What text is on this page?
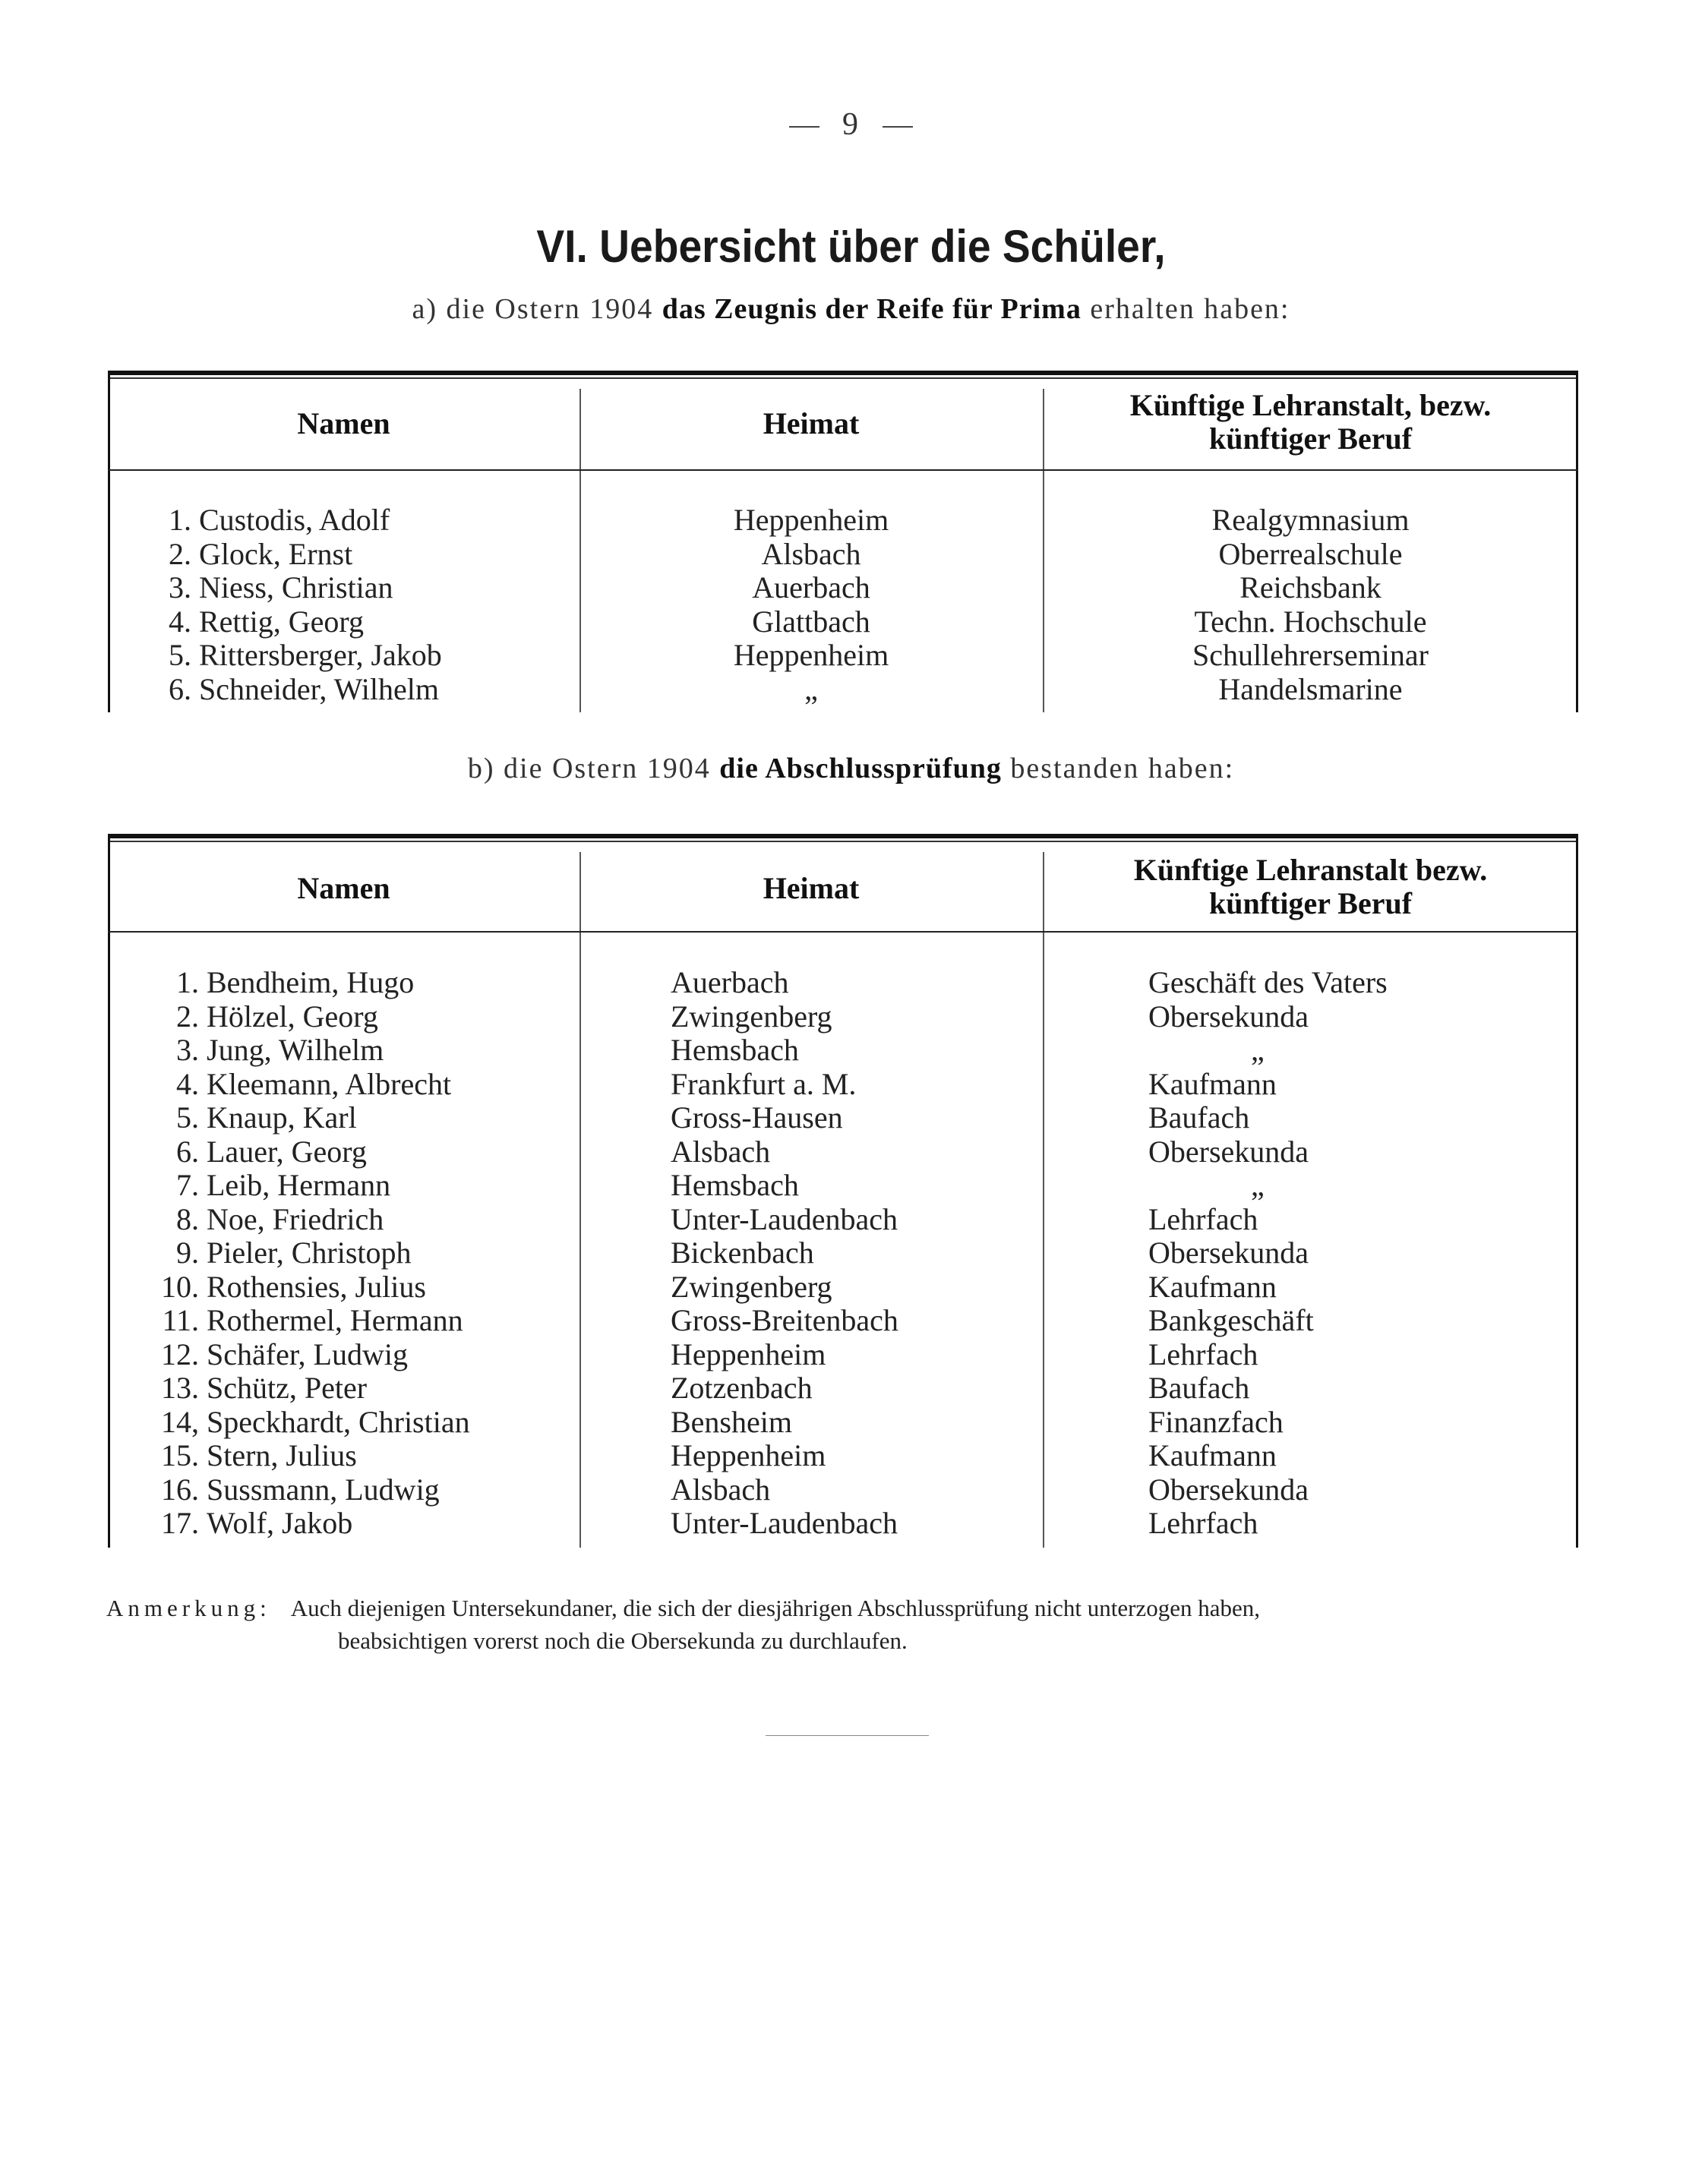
9
VI. Uebersicht über die Schüler,
a) die Ostern 1904 das Zeugnis der Reife für Prima erhalten haben:
Namen	Heimat
Künftige Lehranstalt, bezw.
künftiger Beruf
1.
2.
3.
4.
5.
6.
Custodis, Adolf
Glock, Ernst
Niess, Christian
Rettig, Georg
Rittersberger, Jakob
Schneider, Wilhelm
Heppenheim
Alsbach
Auerbach
Glattbach
Heppenheim
„
Realgymnasium
Oberrealschule
Reichsbank
Techn. Hochschule
Schullehrerseminar
Handelsmarine
b) die Ostern 1904 die Abschlussprüfung bestanden haben:
Namen	Heimat
Künftige Lehranstalt bezw.
künftiger Beruf
1.
2.
3.
4.
5.
6.
7.
8.
9.
10.
11.
12.
13.
14,
15.
16.
17.
Bendheim, Hugo
Hölzel, Georg
Jung, Wilhelm
Kleemann, Albrecht
Knaup, Karl
Lauer, Georg
Leib, Hermann
Noe, Friedrich
Pieler, Christoph
Rothensies, Julius
Rothermel, Hermann
Schäfer, Ludwig
Schütz, Peter
Speckhardt, Christian
Stern, Julius
Sussmann, Ludwig
Wolf, Jakob
Auerbach
Zwingenberg
Hemsbach
Frankfurt a. M.
Gross-Hausen
Alsbach
Hemsbach
Unter-Laudenbach
Bickenbach
Zwingenberg
Gross-Breitenbach
Heppenheim
Zotzenbach
Bensheim
Heppenheim
Alsbach
Unter-Laudenbach
Geschäft des Vaters
Obersekunda
„
Kaufmann
Baufach
Obersekunda
„
Lehrfach
Obersekunda
Kaufmann
Bankgeschäft
Lehrfach
Baufach
Finanzfach
Kaufmann
Obersekunda
Lehrfach
Anmerkung: Auch diejenigen Untersekundaner, die sich der diesjährigen Abschlussprüfung nicht unterzogen haben,
beabsichtigen vorerst noch die Obersekunda zu durchlaufen.
